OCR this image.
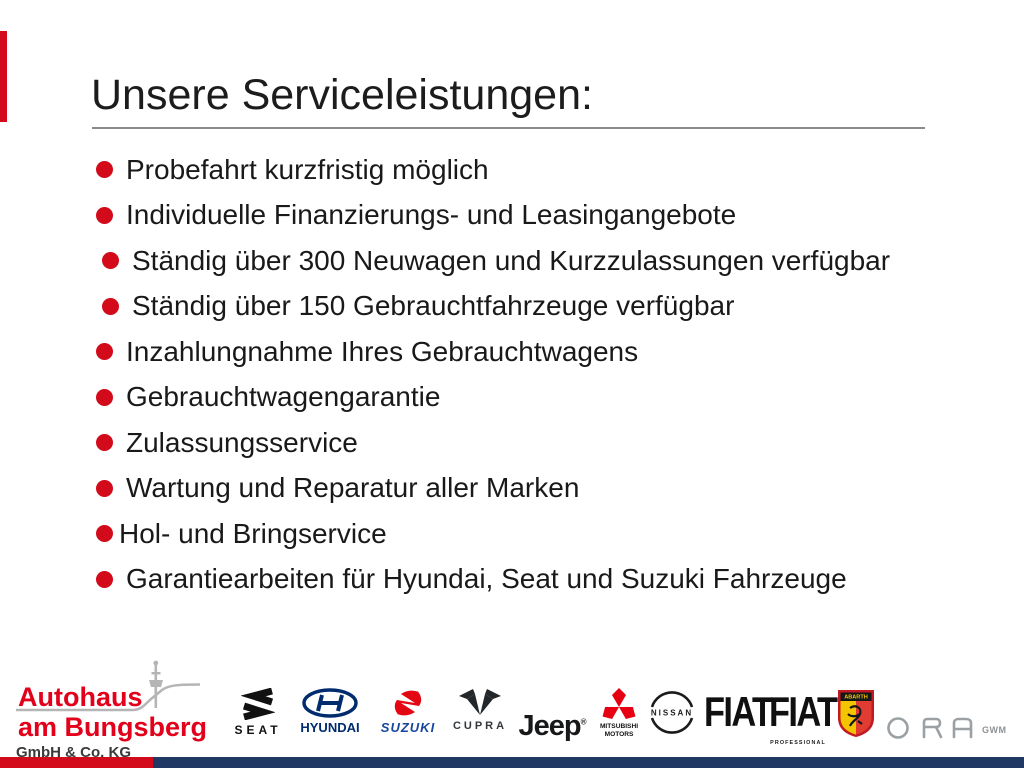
Unsere Serviceleistungen:
Probefahrt kurzfristig möglich
Individuelle Finanzierungs- und Leasingangebote
Ständig über 300 Neuwagen und Kurzzulassungen verfügbar
Ständig über 150 Gebrauchtfahrzeuge verfügbar
Inzahlungnahme Ihres Gebrauchtwagens
Gebrauchtwagengarantie
Zulassungsservice
Wartung und Reparatur aller Marken
Hol- und Bringservice
Garantiearbeiten für Hyundai, Seat und Suzuki Fahrzeuge
Autohaus
am Bungsberg
GmbH & Co. KG
SEAT	HYUNDAI	SUZUKI	CUPRA Jeep®
MITSUBISHI
MOTORS
NISSAN FIAT
FIAT
PROFESSIONAL
ABARTH
GWM
